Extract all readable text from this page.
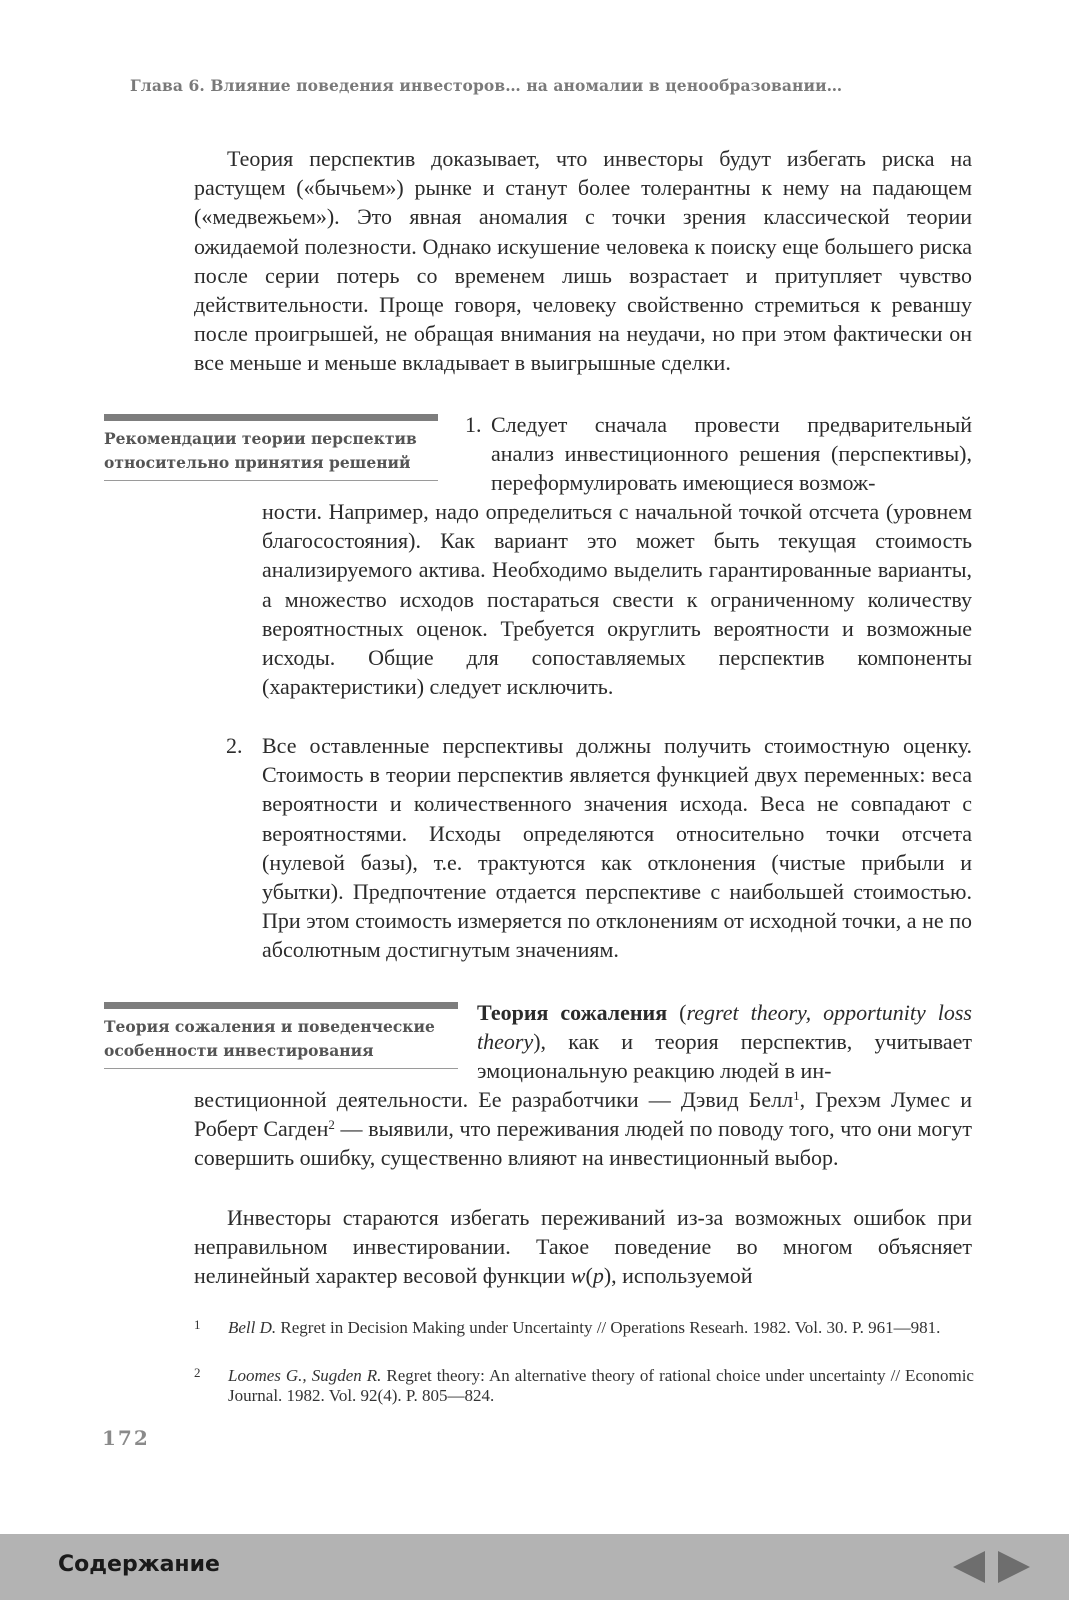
Глава 6. Влияние поведения инвесторов… на аномалии в ценообразовании…

Теория перспектив доказывает, что инвесторы будут избегать риска на растущем («бычьем») рынке и станут более толерантны к нему на падающем («медвежьем»). Это явная аномалия с точки зрения классической теории ожидаемой полезности. Однако искушение человека к поиску еще большего риска после серии потерь со временем лишь возрастает и притупляет чувство действительности. Проще говоря, человеку свойственно стремиться к реваншу после проигрышей, не обращая внимания на неудачи, но при этом фактически он все меньше и меньше вкладывает в выигрышные сделки.

Рекомендации теории перспектив
относительно принятия решений
1. Следует сначала провести предварительный анализ инвестиционного решения (перспективы), переформулировать имеющиеся возмож-

ности. Например, надо определиться с начальной точкой отсчета (уровнем благосостояния). Как вариант это может быть текущая стоимость анализируемого актива. Необходимо выделить гарантированные варианты, а множество исходов постараться свести к ограниченному количеству вероятностных оценок. Требуется округлить вероятности и возможные исходы. Общие для сопоставляемых перспектив компоненты (характеристики) следует исключить.

2. Все оставленные перспективы должны получить стоимостную оценку. Стоимость в теории перспектив является функцией двух переменных: веса вероятности и количественного значения исхода. Веса не совпадают с вероятностями. Исходы определяются относительно точки отсчета (нулевой базы), т.е. трактуются как отклонения (чистые прибыли и убытки). Предпочтение отдается перспективе с наибольшей стоимостью. При этом стоимость измеряется по отклонениям от исходной точки, а не по абсолютным достигнутым значениям.

Теория сожаления и поведенческие
особенности инвестирования

Теория сожаления (regret theory, opportunity loss theory), как и теория перспектив, учитывает эмоциональную реакцию людей в ин-

вестиционной деятельности. Ее разработчики — Дэвид Белл$^1$, Грехэм Лумес и Роберт Сагден$^2$ — выявили, что переживания людей по поводу того, что они могут совершить ошибку, существенно влияют на инвестиционный выбор.

Инвесторы стараются избегать переживаний из-за возможных ошибок при неправильном инвестировании. Такое поведение во многом объясняет нелинейный характер весовой функции w(p), используемой

1 Bell D. Regret in Decision Making under Uncertainty // Operations Researh. 1982. Vol. 30. P. 961—981.
2 Loomes G., Sugden R. Regret theory: An alternative theory of rational choice under uncertainty // Economic Journal. 1982. Vol. 92(4). P. 805—824.
172
Содержание
